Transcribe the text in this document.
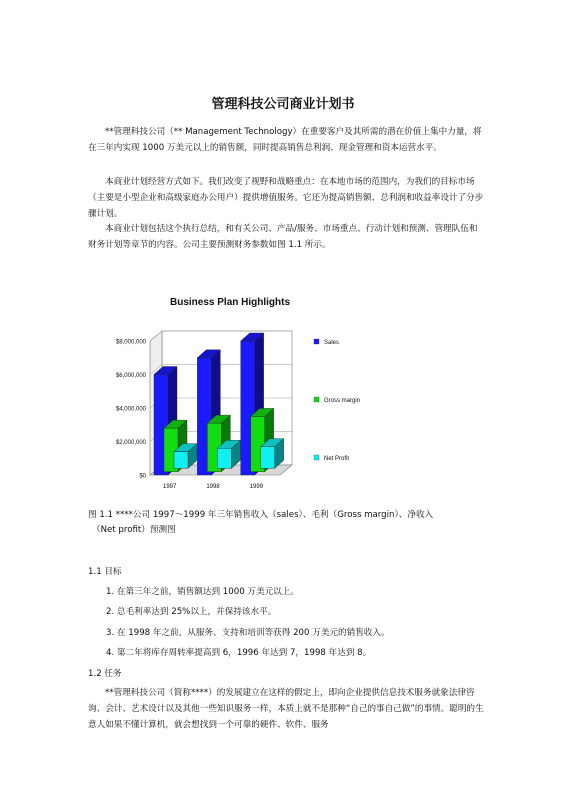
管理科技公司商业计划书
**管理科技公司（** Management Technology）在重要客户及其所需的潜在价值上集中力量，将在三年内实现 1000 万美元以上的销售额，同时提高销售总利润、现金管理和资本运营水平。
本商业计划经营方式如下。我们改变了视野和战略重点：在本地市场的范围内，为我们的目标市场（主要是小型企业和高级家庭办公用户）提供增值服务。它还为提高销售额、总利润和收益率设计了分步骤计划。
本商业计划包括这个执行总结，和有关公司、产品/服务、市场重点、行动计划和预测、管理队伍和财务计划等章节的内容。公司主要预测财务参数如图 1.1 所示。
Business Plan Highlights
$0
$2,000,000
$4,000,000
$6,000,000
$8,000,000
1997	1998	1999
Sales
Gross margin
Net Profit
图 1.1 ****公司 1997～1999 年三年销售收入（sales）、毛利（Gross margin）、净收入
（Net profit）预测图
1.1 目标
1. 在第三年之前，销售额达到 1000 万美元以上。
2. 总毛利率达到 25%以上，并保持该水平。
3. 在 1998 年之前，从服务、支持和培训等获得 200 万美元的销售收入。
4. 第二年将库存周转率提高到 6，1996 年达到 7，1998 年达到 8。
1.2 任务
**管理科技公司（简称****）的发展建立在这样的假定上，即向企业提供信息技术服务就象法律咨询、会计、艺术设计以及其他一些知识服务一样，本质上就不是那种“自己的事自己做”的事情。聪明的生意人如果不懂计算机，就会想找到一个可靠的硬件、软件、服务
